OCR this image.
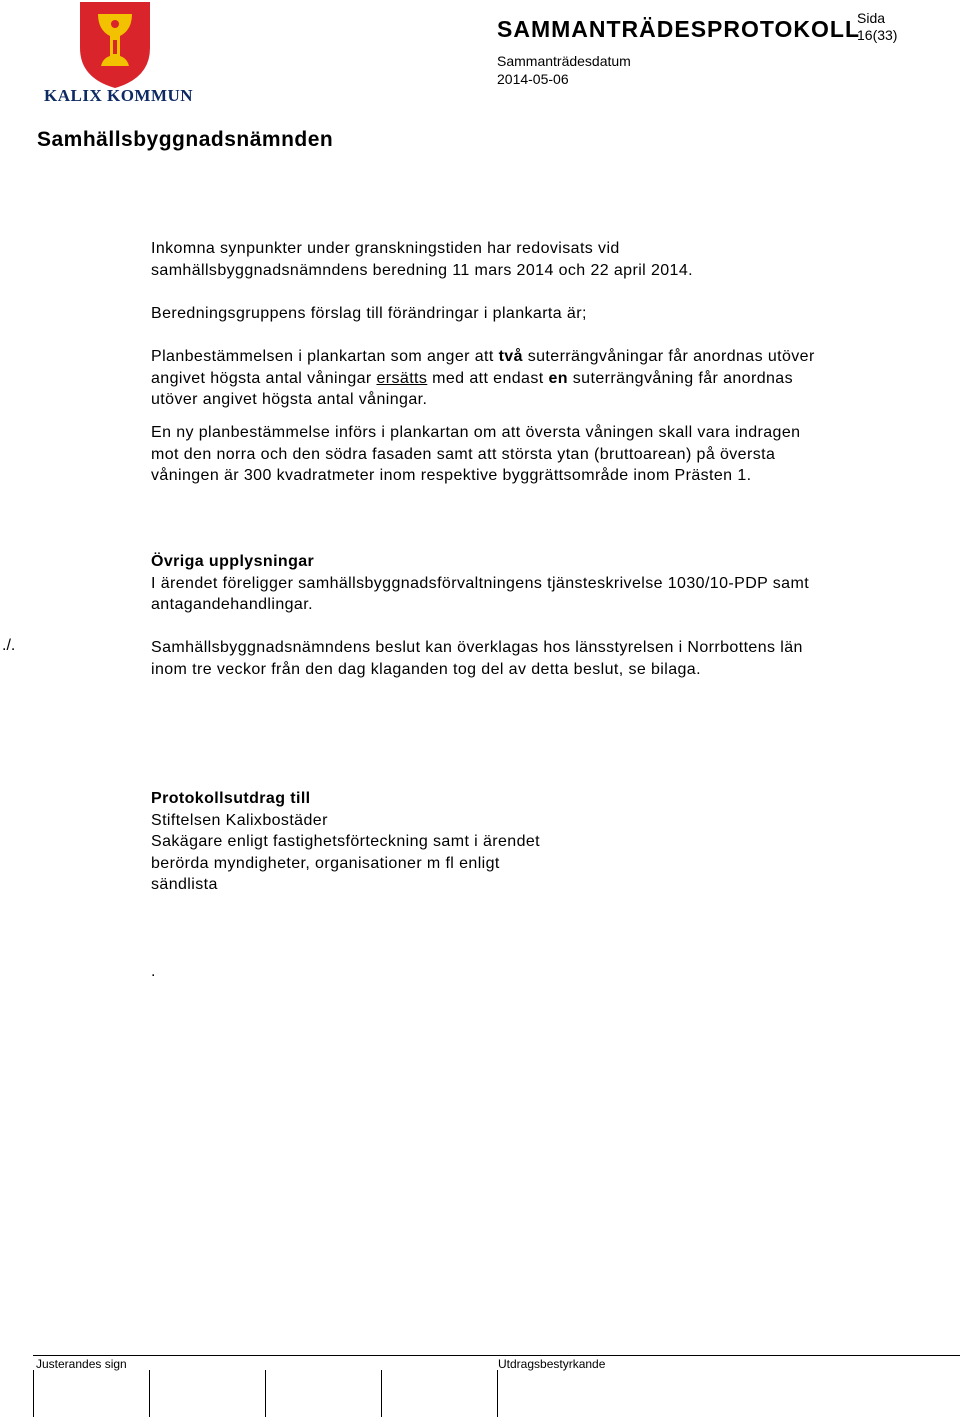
KALIX KOMMUN
SAMMANTRÄDESPROTOKOLL
Sida
16(33)
Sammanträdesdatum
2014-05-06
Samhällsbyggnadsnämnden

Inkomna synpunkter under granskningstiden har redovisats vid samhällsbyggnadsnämndens beredning 11 mars 2014 och 22 april 2014.

Beredningsgruppens förslag till förändringar i plankarta är;

Planbestämmelsen i plankartan som anger att två suterrängvåningar får anordnas utöver angivet högsta antal våningar ersätts med att endast en suterrängvåning får anordnas utöver angivet högsta antal våningar.

En ny planbestämmelse införs i plankartan om att översta våningen skall vara indragen mot den norra och den södra fasaden samt att största ytan (bruttoarean) på översta våningen är 300 kvadratmeter inom respektive byggrättsområde inom Prästen 1.

Övriga upplysningar

I ärendet föreligger samhällsbyggnadsförvaltningens tjänsteskrivelse 1030/10-PDP samt antagandehandlingar.

./.	Samhällsbyggnadsnämndens beslut kan överklagas hos länsstyrelsen i Norrbottens län inom tre veckor från den dag klaganden tog del av detta beslut, se bilaga.

Protokollsutdrag till

Stiftelsen Kalixbostäder

Sakägare enligt fastighetsförteckning samt i ärendet

berörda myndigheter, organisationer m fl enligt

sändlista

.

Justerandes sign	Utdragsbestyrkande
